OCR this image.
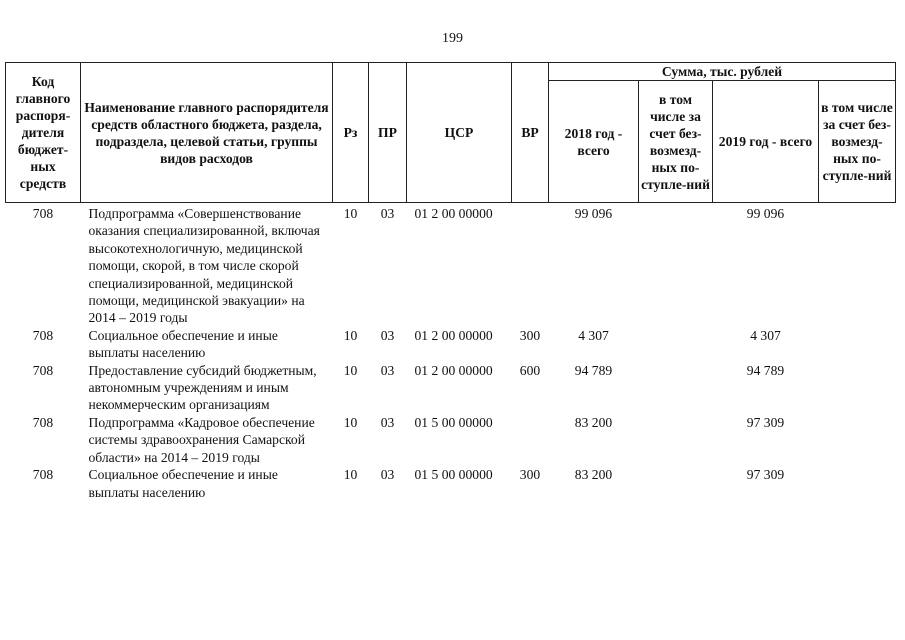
199
Код главного распоря-дителя бюджет-ных средств	Наименование главного распорядителя средств областного бюджета, раздела, подраздела, целевой статьи, группы видов расходов	Рз	ПР	ЦСР	ВР	Сумма, тыс. рублей			
						2018 год - всего	в том числе за счет без-возмезд-ных по-ступле-ний	2019 год - всего	в том числе за счет без-возмезд-ных по-ступле-ний
708	Подпрограмма «Совершенствование оказания специализированной, включая высокотехнологичную, медицинской помощи, скорой, в том числе скорой специализированной, медицинской помощи, медицинской эвакуации» на 2014 – 2019 годы	10	03	01 2 00 00000		99 096		99 096	
708	Социальное обеспечение и иные выплаты населению	10	03	01 2 00 00000	300	4 307		4 307	
708	Предоставление субсидий бюджетным, автономным учреждениям и иным некоммерческим организациям	10	03	01 2 00 00000	600	94 789		94 789	
708	Подпрограмма «Кадровое обеспечение системы здравоохранения Самарской области» на 2014 – 2019 годы	10	03	01 5 00 00000		83 200		97 309	
708	Социальное обеспечение и иные выплаты населению	10	03	01 5 00 00000	300	83 200		97 309	
